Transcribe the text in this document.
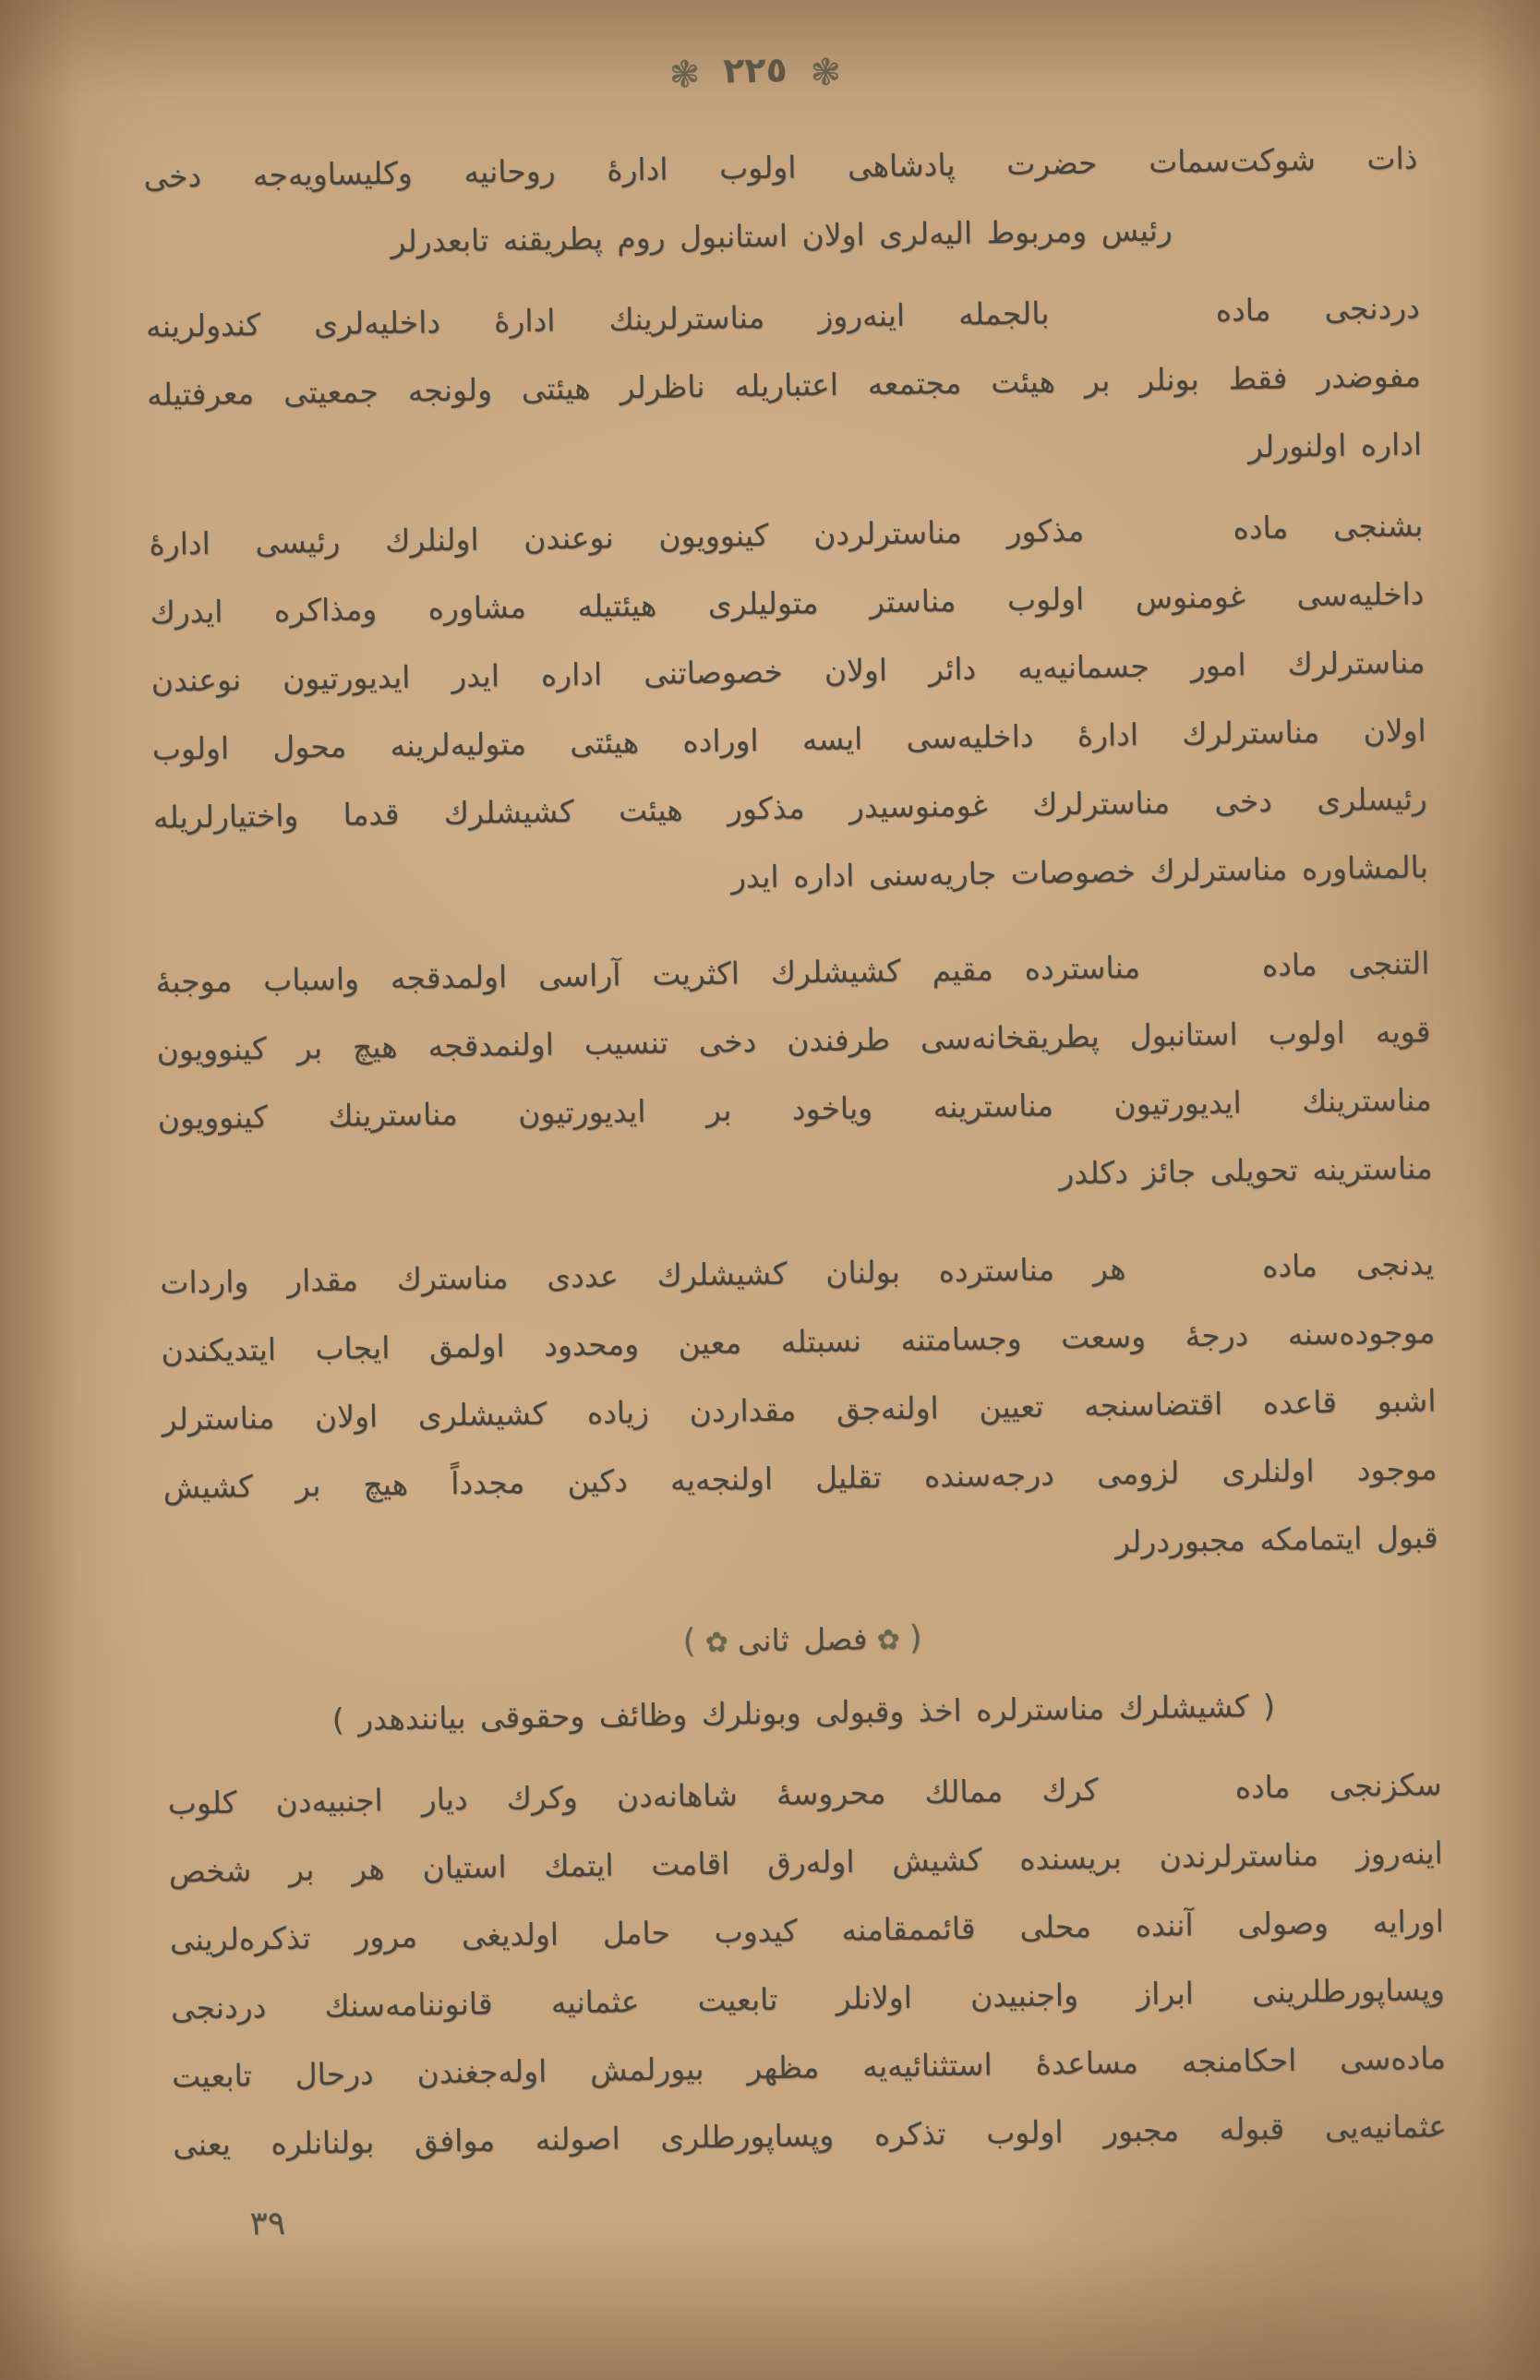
❃ ٢٢٥ ❃
ذات شوكت‌سمات حضرت پادشاهى اولوب ادارهٔ روحانيه وكليساويه‌جه دخى
رئيس ومربوط اليه‌لرى اولان استانبول روم پطريقنه تابعدرلر
دردنجى ماده  بالجمله اينه‌روز مناسترلرينك ادارهٔ داخليه‌لرى كندولرينه
مفوضدر فقط بونلر بر هيئت مجتمعه اعتباريله ناظرلر هيئتى ولونجه جمعيتى معرفتيله
اداره اولنورلر
بشنجى ماده  مذكور مناسترلردن كينوويون نوعندن اولنلرك رئيسى ادارهٔ
داخليه‌سى غومنوس اولوب مناستر متوليلرى هيئتيله مشاوره ومذاكره ايدرك
مناسترلرك امور جسمانيه‌يه دائر اولان خصوصاتنى اداره ايدر ايديورتيون نوعندن
اولان مناسترلرك ادارهٔ داخليه‌سى ايسه اوراده هيئتى متوليه‌لرينه محول اولوب
رئيسلرى دخى مناسترلرك غومنوسيدر مذكور هيئت كشيشلرك قدما واختيارلريله
بالمشاوره مناسترلرك خصوصات جاريه‌سنى اداره ايدر
التنجى ماده  مناسترده مقيم كشيشلرك اكثريت آراسى اولمدقجه واسباب موجبهٔ
قويه اولوب استانبول پطريقخانه‌سى طرفندن دخى تنسيب اولنمدقجه هيچ بر كينوويون
مناسترينك ايديورتيون مناسترينه وياخود بر ايديورتيون مناسترينك كينوويون
مناسترينه تحويلى جائز دكلدر
يدنجى ماده  هر مناسترده بولنان كشيشلرك عددى مناسترك مقدار واردات
موجوده‌سنه درجهٔ وسعت وجسامتنه نسبتله معين ومحدود اولمق ايجاب ايتديكندن
اشبو قاعده اقتضاسنجه تعيين اولنه‌جق مقداردن زياده كشيشلرى اولان مناسترلر
موجود اولنلرى لزومى درجه‌سنده تقليل اولنجه‌يه دكين مجدداً هيچ بر كشيش
قبول ايتمامكه مجبوردرلر
(✿فصل ثانى✿)
( كشيشلرك مناسترلره اخذ وقبولى وبونلرك وظائف وحقوقى بيانندهدر )
سكزنجى ماده  كرك ممالك محروسهٔ شاهانه‌دن وكرك ديار اجنبيه‌دن كلوب
اينه‌روز مناسترلرندن بريسنده كشيش اوله‌رق اقامت ايتمك استيان هر بر شخص
اورايه وصولى آننده محلى قائممقامنه كيدوب حامل اولديغى مرور تذكره‌لرينى
وپساپورطلرينى ابراز واجنبيدن اولانلر تابعيت عثمانيه قانوننامه‌سنك دردنجى
ماده‌سى احكامنجه مساعدهٔ استثنائيه‌يه مظهر بيورلمش اوله‌جغندن درحال تابعيت
عثمانيه‌يى قبوله مجبور اولوب تذكره وپساپورطلرى اصولنه موافق بولنانلره يعنى
٣٩
